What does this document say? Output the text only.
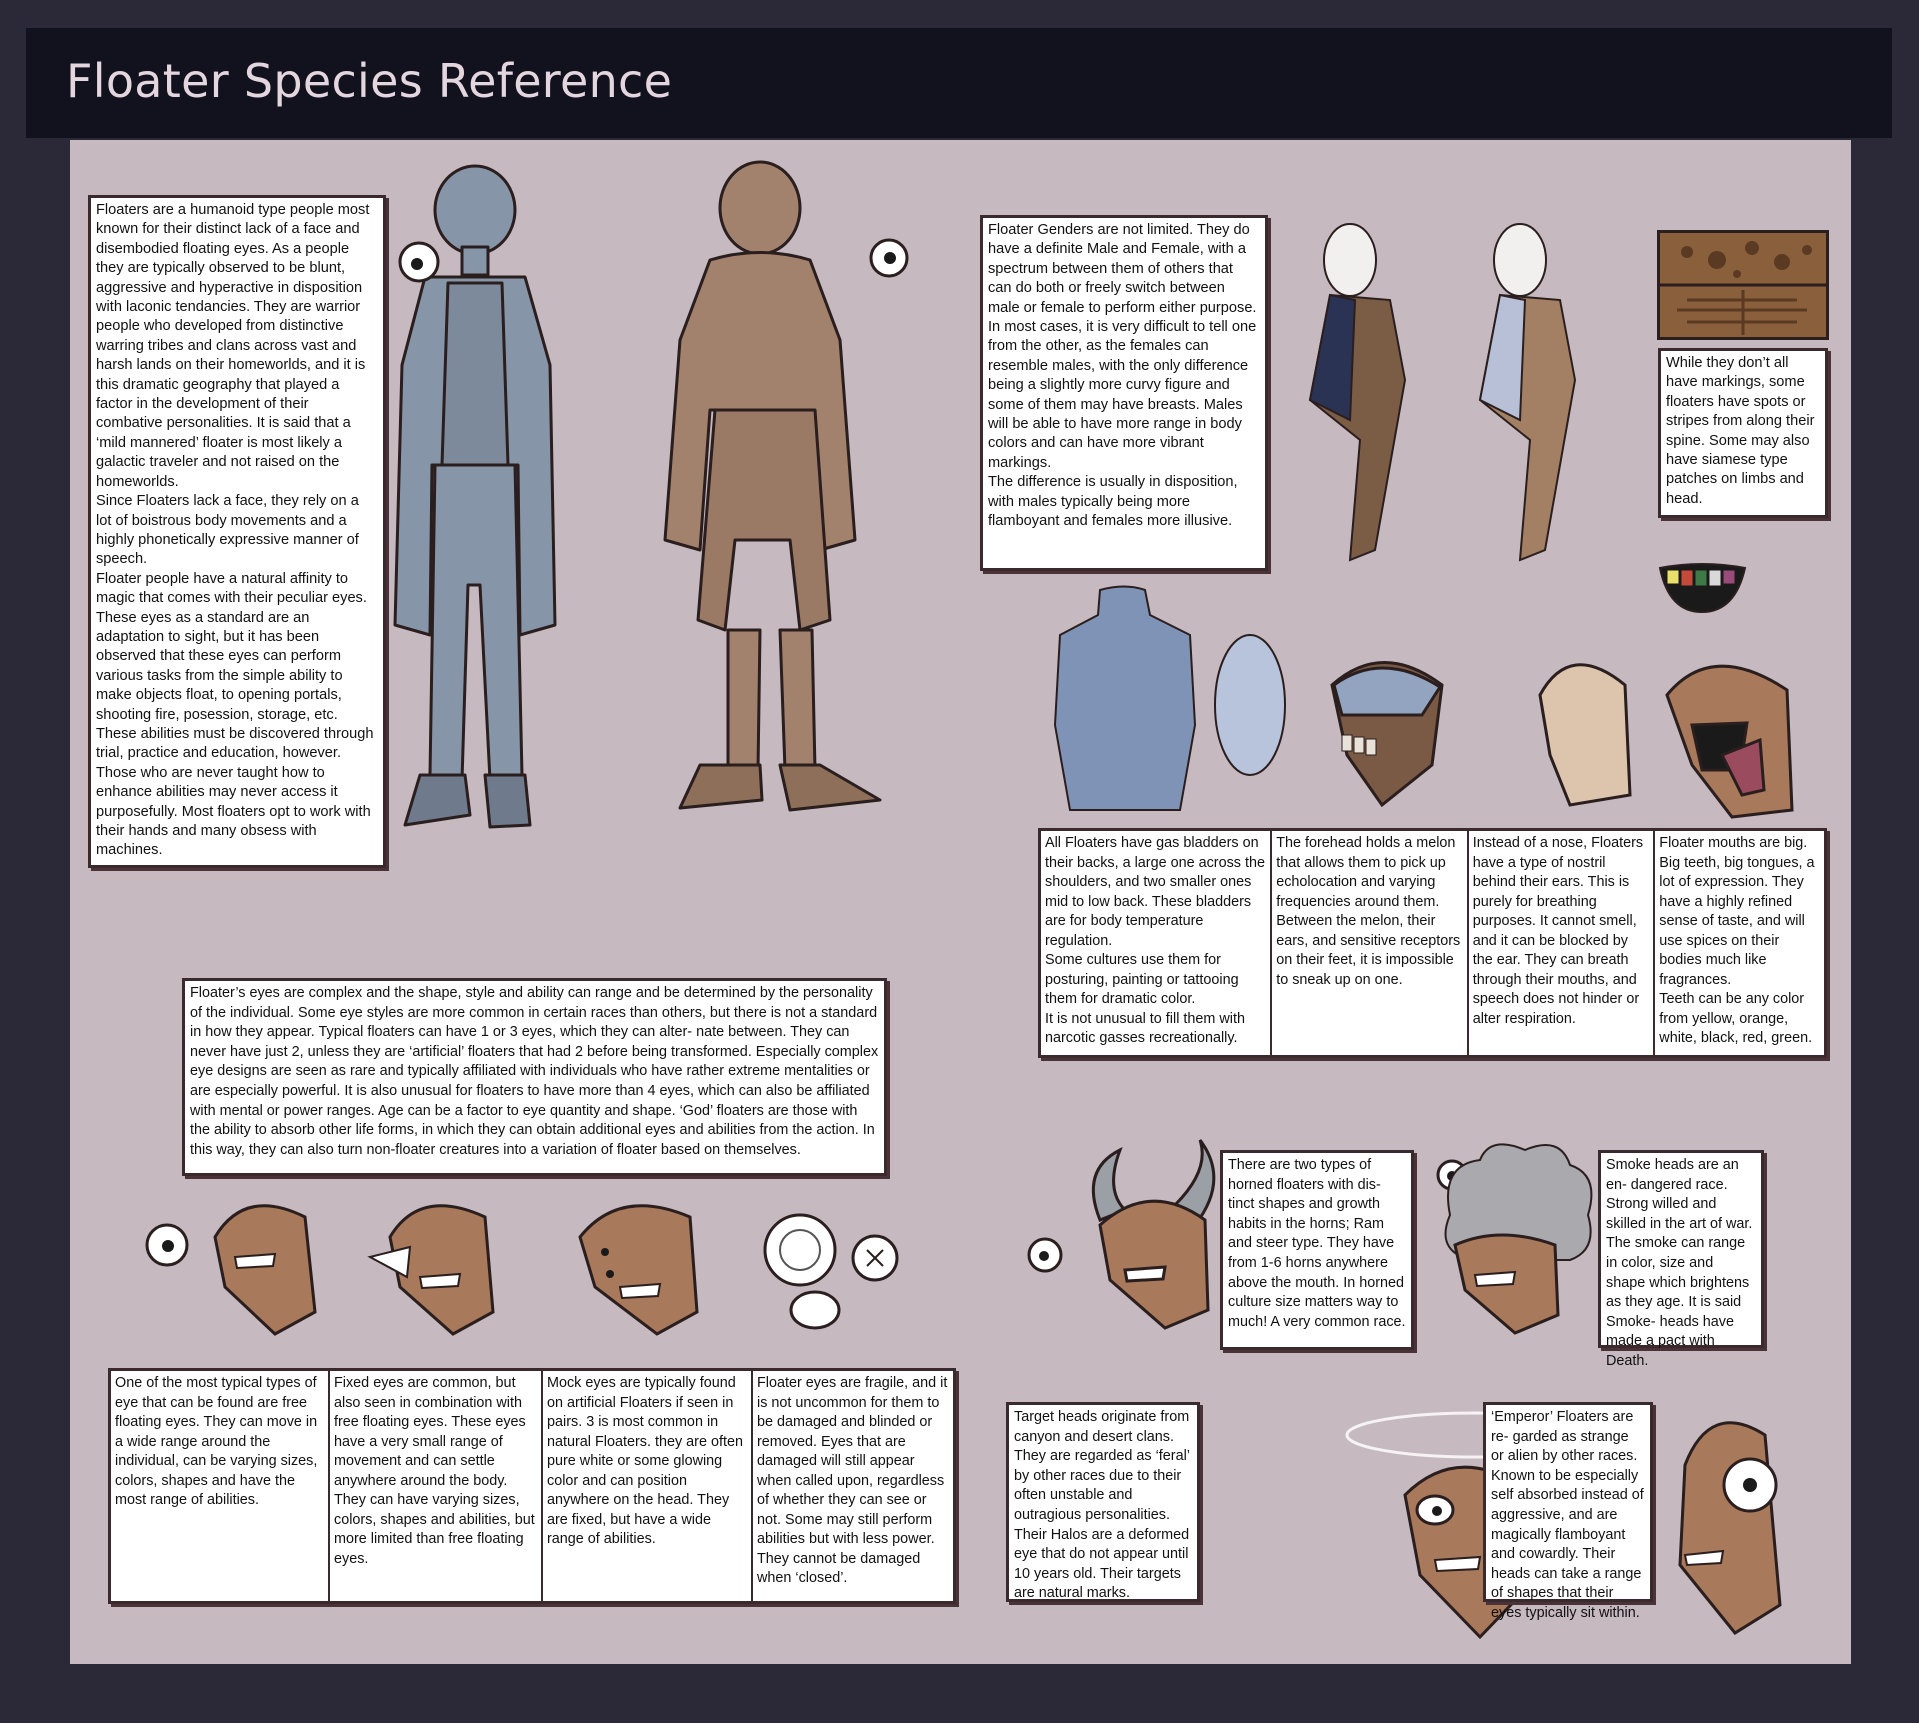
Floater Species Reference
Floaters are a humanoid type people most known for their distinct lack of a face and disembodied floating eyes. As a people they are typically observed to be blunt, aggressive and hyperactive in disposition with laconic tendancies. They are warrior people who developed from distinctive warring tribes and clans across vast and harsh lands on their homeworlds, and it is this dramatic geography that played a factor in the development of their combative personalities. It is said that a ‘mild mannered’ floater is most likely a galactic traveler and not raised on the homeworlds.
Since Floaters lack a face, they rely on a lot of boistrous body movements and a highly phonetically expressive manner of speech.
Floater people have a natural affinity to magic that comes with their peculiar eyes. These eyes as a standard are an adaptation to sight, but it has been observed that these eyes can perform various tasks from the simple ability to make objects float, to opening portals, shooting fire, posession, storage, etc. These abilities must be discovered through trial, practice and education, however. Those who are never taught how to enhance abilities may never access it purposefully. Most floaters opt to work with their hands and many obsess with machines.
Floater Genders are not limited. They do have a definite Male and Female, with a spectrum between them of others that can do both or freely switch between male or female to perform either purpose.
In most cases, it is very difficult to tell one from the other, as the females can resemble males, with the only difference being a slightly more curvy figure and some of them may have breasts. Males will be able to have more range in body colors and can have more vibrant markings.
The difference is usually in disposition, with males typically being more flamboyant and females more illusive.
While they don’t all have markings, some floaters have spots or stripes from along their spine. Some may also have siamese type patches on limbs and head.
All Floaters have gas bladders on their backs, a large one across the shoulders, and two smaller ones mid to low back. These bladders are for body temperature regulation.
Some cultures use them for posturing, painting or tattooing them for dramatic color.
It is not unusual to fill them with narcotic gasses recreationally.
The forehead holds a melon that allows them to pick up echolocation and varying frequencies around them. Between the melon, their ears, and sensitive receptors on their feet, it is impossible to sneak up on one.
Instead of a nose, Floaters have a type of nostril behind their ears. This is purely for breathing purposes. It cannot smell, and it can be blocked by the ear. They can breath through their mouths, and speech does not hinder or alter respiration.
Floater mouths are big. Big teeth, big tongues, a lot of expression. They have a highly refined sense of taste, and will use spices on their bodies much like fragrances.
Teeth can be any color from yellow, orange, white, black, red, green.
Floater’s eyes are complex and the shape, style and ability can range and be determined by the personality of the individual. Some eye styles are more common in certain races than others, but there is not a standard in how they appear. Typical floaters can have 1 or 3 eyes, which they can alter- nate between. They can never have just 2, unless they are ‘artificial’ floaters that had 2 before being transformed. Especially complex eye designs are seen as rare and typically affiliated with individuals who have rather extreme mentalities or are especially powerful. It is also unusual for floaters to have more than 4 eyes, which can also be affiliated with mental or power ranges. Age can be a factor to eye quantity and shape. ‘God’ floaters are those with the ability to absorb other life forms, in which they can obtain additional eyes and abilities from the action. In this way, they can also turn non-floater creatures into a variation of floater based on themselves.
There are two types of horned floaters with dis- tinct shapes and growth habits in the horns; Ram and steer type. They have from 1-6 horns anywhere above the mouth. In horned culture size matters way to much! A very common race.
Smoke heads are an en- dangered race. Strong willed and skilled in the art of war. The smoke can range in color, size and shape which brightens as they age. It is said Smoke- heads have made a pact with Death.
One of the most typical types of eye that can be found are free floating eyes. They can move in a wide range around the individual, can be varying sizes, colors, shapes and have the most range of abilities.
Fixed eyes are common, but also seen in combination with free floating eyes. These eyes have a very small range of movement and can settle anywhere around the body. They can have varying sizes, colors, shapes and abilities, but more limited than free floating eyes.
Mock eyes are typically found on artificial Floaters if seen in pairs. 3 is most common in natural Floaters. they are often pure white or some glowing color and can position anywhere on the head. They are fixed, but have a wide range of abilities.
Floater eyes are fragile, and it is not uncommon for them to be damaged and blinded or removed. Eyes that are damaged will still appear when called upon, regardless of whether they can see or not. Some may still perform abilities but with less power. They cannot be damaged when ‘closed’.
Target heads originate from canyon and desert clans. They are regarded as ‘feral’ by other races due to their often unstable and outragious personalities. Their Halos are a deformed eye that do not appear until 10 years old. Their targets are natural marks.
‘Emperor’ Floaters are re- garded as strange or alien by other races. Known to be especially self absorbed instead of aggressive, and are magically flamboyant and cowardly. Their heads can take a range of shapes that their eyes typically sit within.
